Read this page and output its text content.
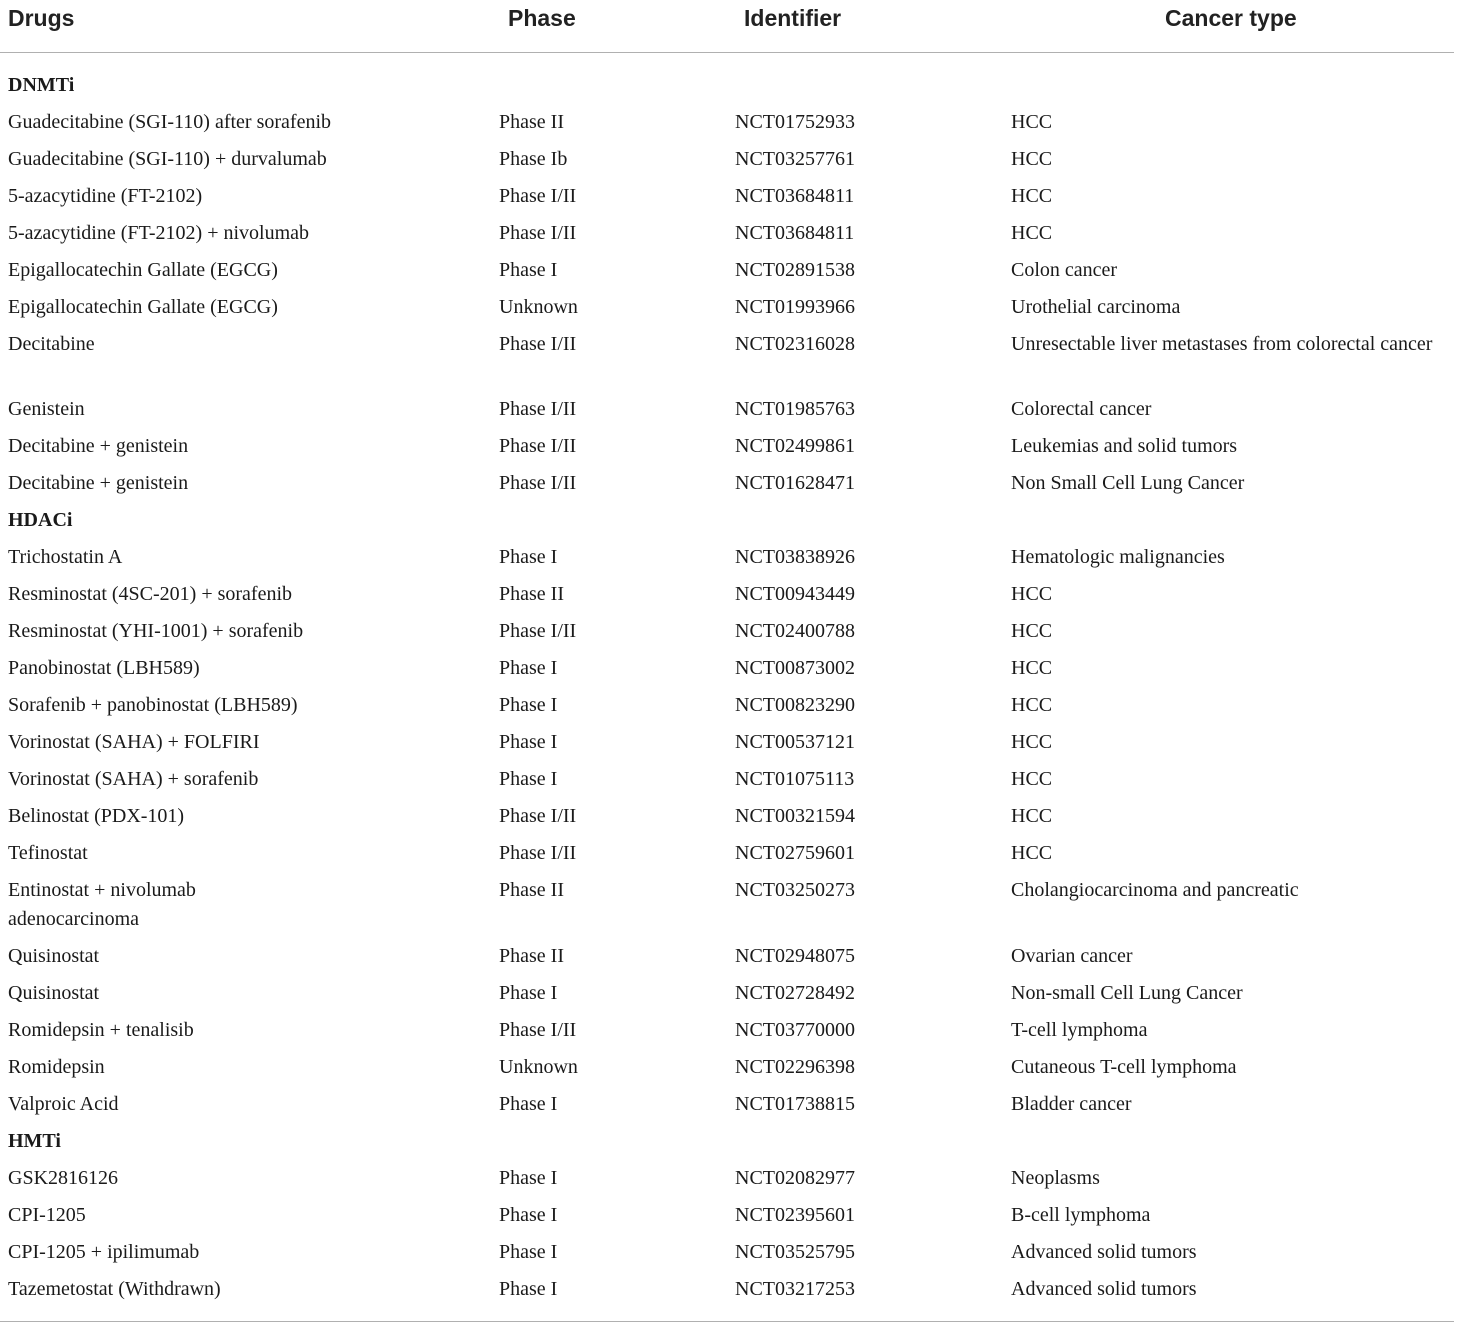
Drugs	Phase	Identifier	Cancer type
DNMTi
Guadecitabine (SGI-110) after sorafenib	Phase II	NCT01752933	HCC
Guadecitabine (SGI-110) + durvalumab	Phase Ib	NCT03257761	HCC
5-azacytidine (FT-2102)	Phase I/II	NCT03684811	HCC
5-azacytidine (FT-2102) + nivolumab	Phase I/II	NCT03684811	HCC
Epigallocatechin Gallate (EGCG)	Phase I	NCT02891538	Colon cancer
Epigallocatechin Gallate (EGCG)	Unknown	NCT01993966	Urothelial carcinoma
Decitabine	Phase I/II	NCT02316028	Unresectable liver metastases from colorectal cancer
Genistein	Phase I/II	NCT01985763	Colorectal cancer
Decitabine + genistein	Phase I/II	NCT02499861	Leukemias and solid tumors
Decitabine + genistein	Phase I/II	NCT01628471	Non Small Cell Lung Cancer
HDACi
Trichostatin A	Phase I	NCT03838926	Hematologic malignancies
Resminostat (4SC-201) + sorafenib	Phase II	NCT00943449	HCC
Resminostat (YHI-1001) + sorafenib	Phase I/II	NCT02400788	HCC
Panobinostat (LBH589)	Phase I	NCT00873002	HCC
Sorafenib + panobinostat (LBH589)	Phase I	NCT00823290	HCC
Vorinostat (SAHA) + FOLFIRI	Phase I	NCT00537121	HCC
Vorinostat (SAHA) + sorafenib	Phase I	NCT01075113	HCC
Belinostat (PDX-101)	Phase I/II	NCT00321594	HCC
Tefinostat	Phase I/II	NCT02759601	HCC
Entinostat + nivolumab	Phase II	NCT03250273	Cholangiocarcinoma and pancreatic
adenocarcinoma
Quisinostat	Phase II	NCT02948075	Ovarian cancer
Quisinostat	Phase I	NCT02728492	Non-small Cell Lung Cancer
Romidepsin + tenalisib	Phase I/II	NCT03770000	T-cell lymphoma
Romidepsin	Unknown	NCT02296398	Cutaneous T-cell lymphoma
Valproic Acid	Phase I	NCT01738815	Bladder cancer
HMTi
GSK2816126	Phase I	NCT02082977	Neoplasms
CPI-1205	Phase I	NCT02395601	B-cell lymphoma
CPI-1205 + ipilimumab	Phase I	NCT03525795	Advanced solid tumors
Tazemetostat (Withdrawn)	Phase I	NCT03217253	Advanced solid tumors
